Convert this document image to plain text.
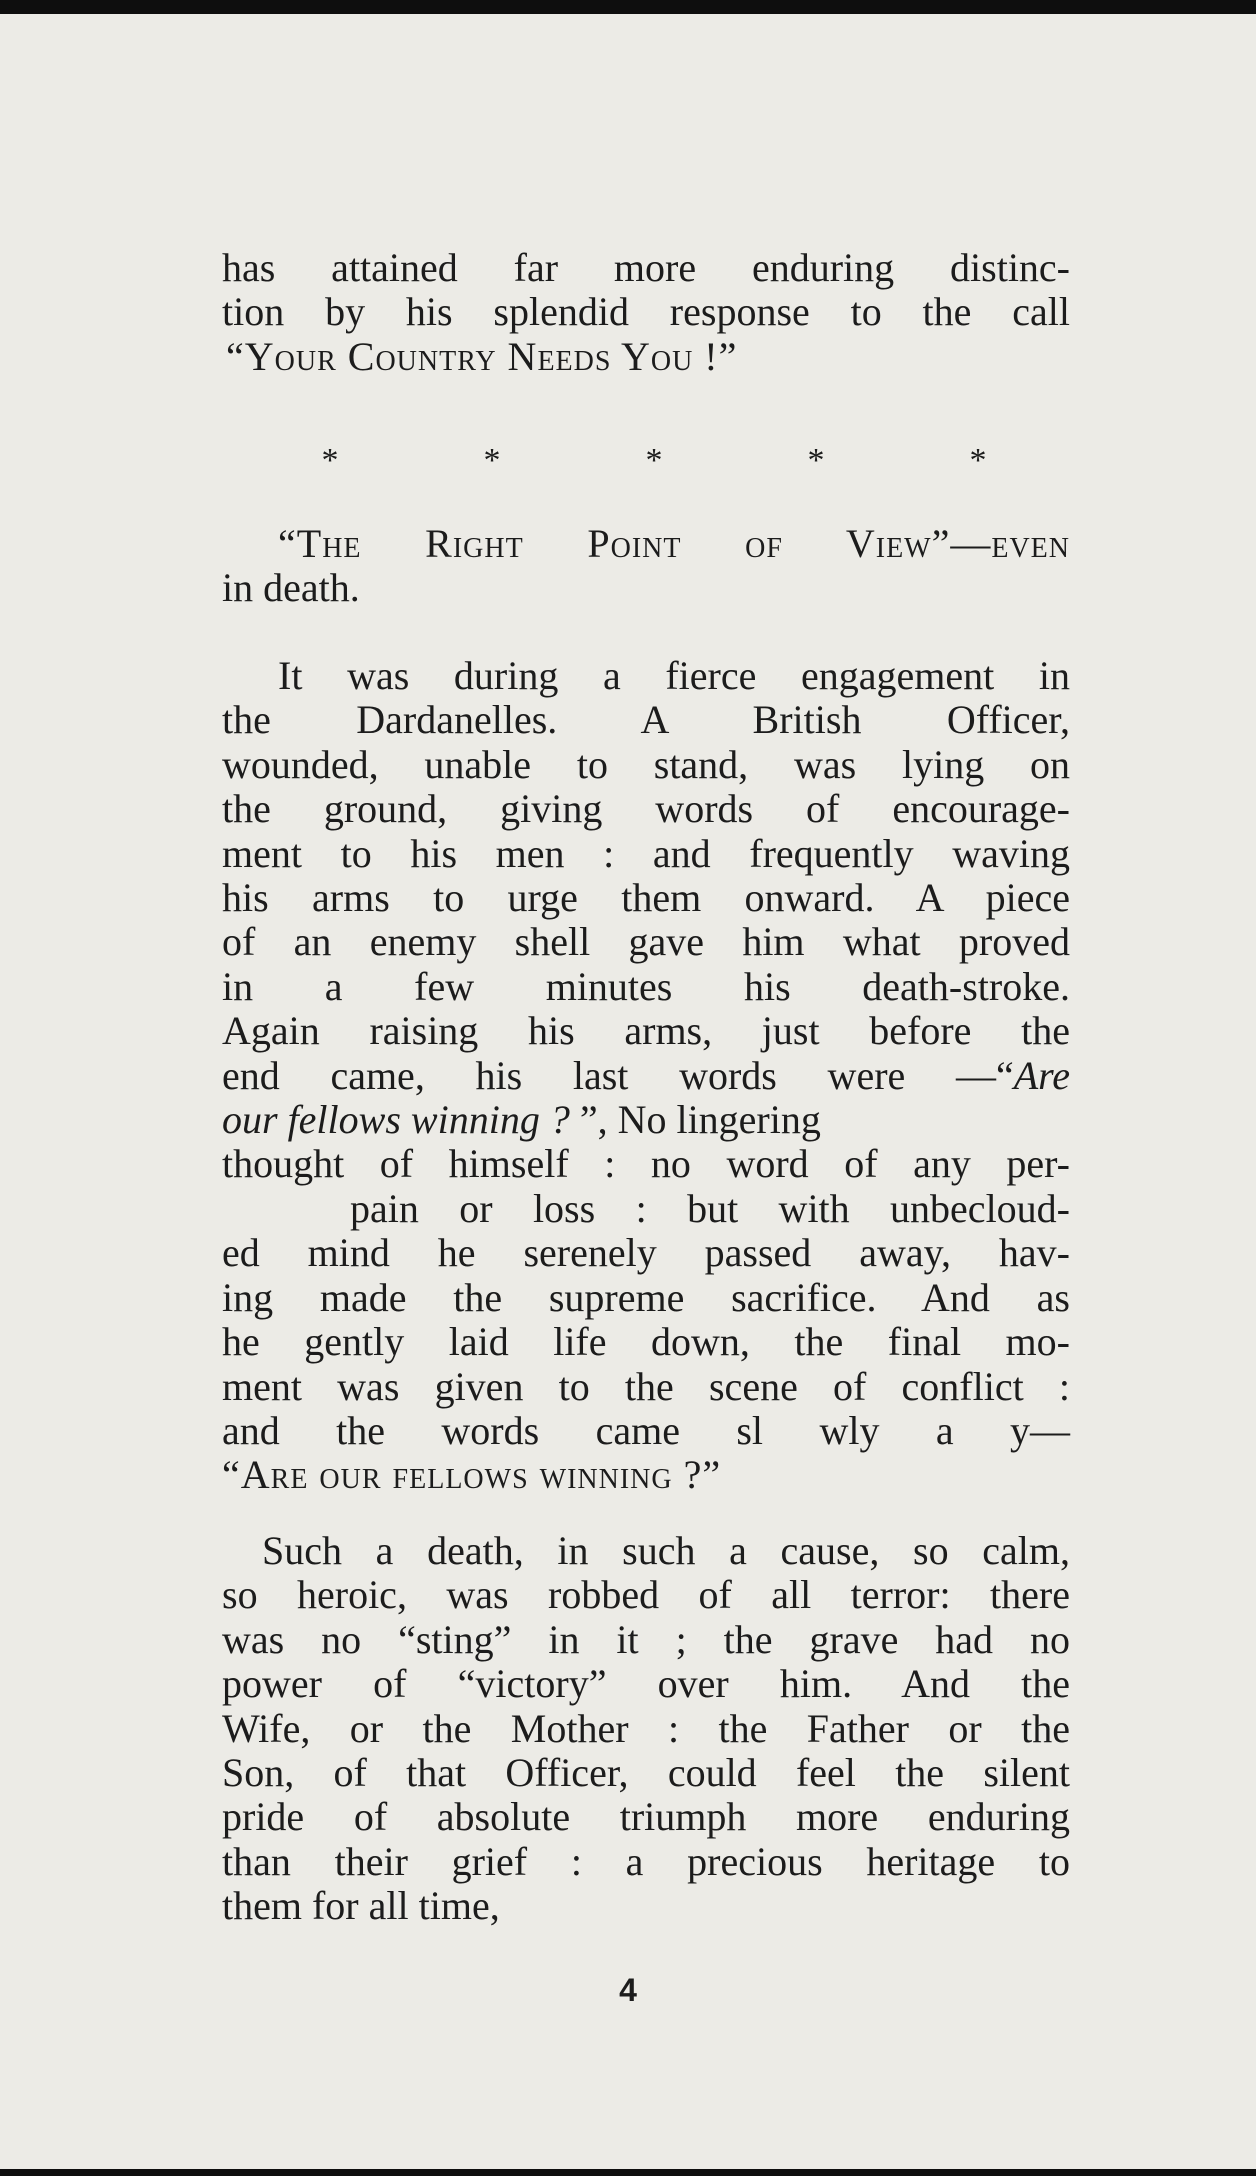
has attained far more enduring distinc-
tion by his splendid response to the call
“Your Country Needs You !”
*	*	*	*	*
“The Right Point of View”—even
in death.
It was during a fierce engagement in
the Dardanelles. A British Officer,
wounded, unable to stand, was lying on
the ground, giving words of encourage-
ment to his men : and frequently waving
his arms to urge them onward. A piece
of an enemy shell gave him what proved
in a few minutes his death-stroke.
Again raising his arms, just before the
end came, his last words were —“Are
our fellows winning ? ”, No lingering
thought of himself : no word of any per-
pain or loss : but with unbecloud-
ed mind he serenely passed away, hav-
ing made the supreme sacrifice. And as
he gently laid life down, the final mo-
ment was given to the scene of conflict :
and the words came sl wly a y—
“Are our fellows winning ?”
Such a death, in such a cause, so calm,
so heroic, was robbed of all terror: there
was no “sting” in it ; the grave had no
power of “victory” over him. And the
Wife, or the Mother : the Father or the
Son, of that Officer, could feel the silent
pride of absolute triumph more enduring
than their grief : a precious heritage to
them for all time,
4
